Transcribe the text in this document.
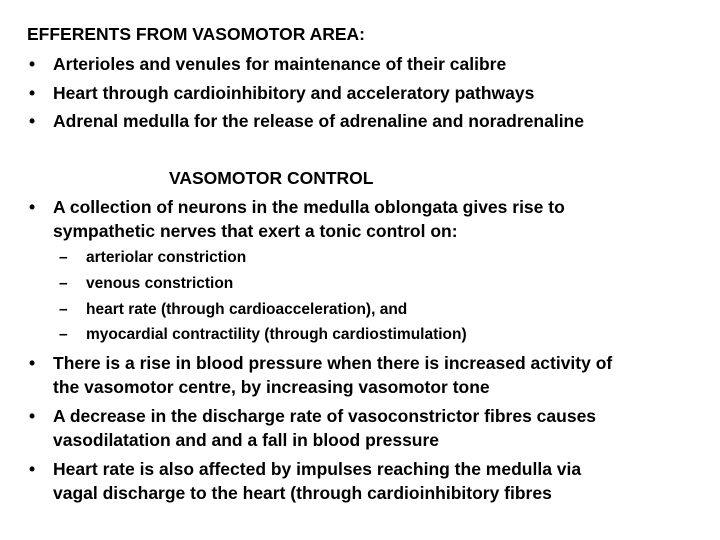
EFFERENTS FROM VASOMOTOR AREA:
• Arterioles and venules for maintenance of their calibre
• Heart through cardioinhibitory and acceleratory pathways
• Adrenal medulla for the release of adrenaline and noradrenaline
VASOMOTOR CONTROL
• A collection of neurons in the medulla oblongata gives rise to
sympathetic nerves that exert a tonic control on:
– arteriolar constriction
– venous constriction
– heart rate (through cardioacceleration), and
– myocardial contractility (through cardiostimulation)
• There is a rise in blood pressure when there is increased activity of
the vasomotor centre, by increasing vasomotor tone
• A decrease in the discharge rate of vasoconstrictor fibres causes
vasodilatation and and a fall in blood pressure
• Heart rate is also affected by impulses reaching the medulla via
vagal discharge to the heart (through cardioinhibitory fibres
